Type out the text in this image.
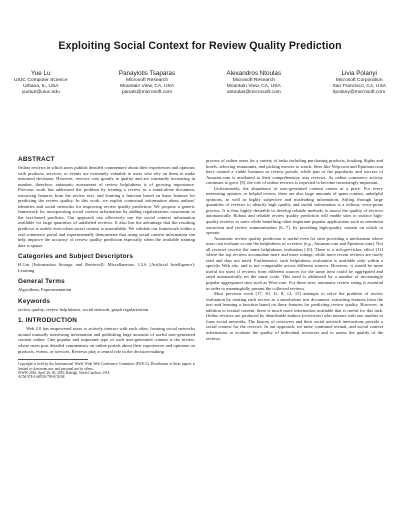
Exploiting Social Context for Review Quality Prediction
Yue Lu
UIUC Computer Science
Urbana, IL, USA
yuelu2@uiuc.edu
Panayiotis Tsaparas
Microsoft Research
Mountain View, CA, USA
panats@microsoft.com
Alexandros Ntoulas
Microsoft Research
Mountain View, CA, USA
antoulas@microsoft.com
Livia Polanyi
Microsoft Corporation
San Francisco, CA, USA
lipolany@microsoft.com
ABSTRACT

Online reviews in which users publish detailed commentary about their experiences and opinions with products, services, or events are extremely valuable to users who rely on them to make informed decisions. However, reviews vary greatly in quality and are constantly increasing in number, therefore, automatic assessment of review helpfulness is of growing importance. Previous work has addressed the problem by treating a review as a stand-alone document, extracting features from the review text, and learning a function based on these features for predicting the review quality. In this work, we exploit contextual information about authors' identities and social networks for improving review quality prediction. We propose a generic framework for incorporating social context information by adding regularization constraints to the text-based predictor. Our approach can effectively use the social context information available for large quantities of unlabeled reviews. It also has the advantage that the resulting predictor is usable even when social context is unavailable. We validate our framework within a real commerce portal and experimentally demonstrate that using social context information can help improve the accuracy of review quality prediction especially when the available training data is sparse.

Categories and Subject Descriptors

H.3.m [Information Storage and Retrieval]: Miscellaneous; I.2.6 [Artificial Intelligence]: Learning

General Terms

Algorithms, Experimentation

Keywords

review quality, review helpfulness, social network, graph regularization

1. INTRODUCTION

Web 2.0 has empowered users to actively interact with each other, forming social networks around mutually interesting information and publishing large amounts of useful user-generated content online. One popular and important type of such user-generated content is the review, where users post detailed commentary on online portals about their experiences and opinions on products, events, or services. Reviews play a central role in the decision-making

Copyright is held by the International World Wide Web Conference Committee (IW3C2). Distribution of these papers is limited to classroom use, and personal use by others.

WWW 2010, April 26–30, 2010, Raleigh, North Carolina, USA.

ACM 978-1-60558-799-8/10/04.

process of online users for a variety of tasks including purchasing products, booking flights and hotels, selecting restaurants, and picking movies to watch. Sites like Yelp.com and Epinions.com have created a viable business as review portals, while part of the popularity and success of Amazon.com is attributed to their comprehensive user reviews. As online commerce activity continues to grow [9], the role of online reviews is expected to become increasingly important.

Unfortunately, the abundance of user-generated content comes at a price. For every interesting opinion, or helpful review, there are also large amounts of spam content, unhelpful opinions, as well as highly subjective and misleading information. Sifting through large quantities of reviews to identify high quality and useful information is a tedious, error-prone process. It is thus highly desirable to develop reliable methods to assess the quality of reviews automatically. Robust and reliable review quality prediction will enable sites to surface high-quality reviews to users while benefiting other important popular applications such as sentiment extraction and review summarization [6, 7], by providing high-quality content on which to operate.

Automatic review quality prediction is useful even for sites providing a mechanism where users can evaluate or rate the helpfulness of a review (e.g., Amazon.com and Epinions.com). Not all reviews receive the same helpfulness evaluation [10]. There is a rich-get-richer effect [11] where the top reviews accumulate more and more ratings, while more recent reviews are rarely read and thus not rated. Furthermore, such helpfulness evaluation is available only within a specific Web site, and is not comparable across different sources. However, it would be more useful for users if reviews from different sources for the same item could be aggregated and rated automatically on the same scale. This need is addressed by a number of increasingly popular aggregation sites such as Wise.com. For these sites, automatic review rating is essential in order to meaningfully present the collected reviews.

Most previous work [17, 10, 11, 8, 12, 15] attempts to solve the problem of review evaluation by treating each review as a stand-alone text document, extracting features from the text and learning a function based on these features for predicting review quality. However, in addition to textual content, there is much more information available that is useful for this task. Online reviews are produced by identifiable authors (reviewers) who interact with one another to form social networks. The history of reviewers and their social network interactions provide a social context for the reviews. In our approach, we mine combined textual, and social context information to evaluate the quality of individual reviewers and to assess the quality of the reviews.
